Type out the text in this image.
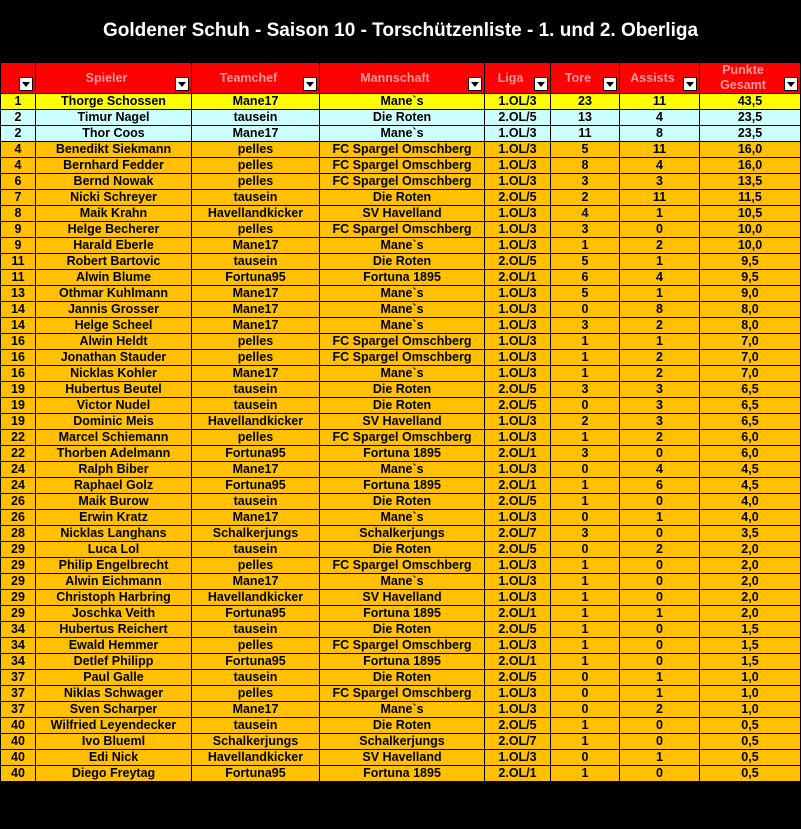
Goldener Schuh - Saison 10 - Torschützenliste - 1. und 2. Oberliga

	Spieler	Teamchef	Mannschaft	Liga	Tore	Assists	Punkte
Gesamt

1	Thorge Schossen	Mane17	Mane`s	1.OL/3	23	11	43,5
2	Timur Nagel	tausein	Die Roten	2.OL/5	13	4	23,5
2	Thor Coos	Mane17	Mane`s	1.OL/3	11	8	23,5
4	Benedikt Siekmann	pelles	FC Spargel Omschberg	1.OL/3	5	11	16,0
4	Bernhard Fedder	pelles	FC Spargel Omschberg	1.OL/3	8	4	16,0
6	Bernd Nowak	pelles	FC Spargel Omschberg	1.OL/3	3	3	13,5
7	Nicki Schreyer	tausein	Die Roten	2.OL/5	2	11	11,5
8	Maik Krahn	Havellandkicker	SV Havelland	1.OL/3	4	1	10,5
9	Helge Becherer	pelles	FC Spargel Omschberg	1.OL/3	3	0	10,0
9	Harald Eberle	Mane17	Mane`s	1.OL/3	1	2	10,0
11	Robert Bartovic	tausein	Die Roten	2.OL/5	5	1	9,5
11	Alwin Blume	Fortuna95	Fortuna 1895	2.OL/1	6	4	9,5
13	Othmar Kuhlmann	Mane17	Mane`s	1.OL/3	5	1	9,0
14	Jannis Grosser	Mane17	Mane`s	1.OL/3	0	8	8,0
14	Helge Scheel	Mane17	Mane`s	1.OL/3	3	2	8,0
16	Alwin Heldt	pelles	FC Spargel Omschberg	1.OL/3	1	1	7,0
16	Jonathan Stauder	pelles	FC Spargel Omschberg	1.OL/3	1	2	7,0
16	Nicklas Kohler	Mane17	Mane`s	1.OL/3	1	2	7,0
19	Hubertus Beutel	tausein	Die Roten	2.OL/5	3	3	6,5
19	Victor Nudel	tausein	Die Roten	2.OL/5	0	3	6,5
19	Dominic Meis	Havellandkicker	SV Havelland	1.OL/3	2	3	6,5
22	Marcel Schiemann	pelles	FC Spargel Omschberg	1.OL/3	1	2	6,0
22	Thorben Adelmann	Fortuna95	Fortuna 1895	2.OL/1	3	0	6,0
24	Ralph Biber	Mane17	Mane`s	1.OL/3	0	4	4,5
24	Raphael Golz	Fortuna95	Fortuna 1895	2.OL/1	1	6	4,5
26	Maik Burow	tausein	Die Roten	2.OL/5	1	0	4,0
26	Erwin Kratz	Mane17	Mane`s	1.OL/3	0	1	4,0
28	Nicklas Langhans	Schalkerjungs	Schalkerjungs	2.OL/7	3	0	3,5
29	Luca Lol	tausein	Die Roten	2.OL/5	0	2	2,0
29	Philip Engelbrecht	pelles	FC Spargel Omschberg	1.OL/3	1	0	2,0
29	Alwin Eichmann	Mane17	Mane`s	1.OL/3	1	0	2,0
29	Christoph Harbring	Havellandkicker	SV Havelland	1.OL/3	1	0	2,0
29	Joschka Veith	Fortuna95	Fortuna 1895	2.OL/1	1	1	2,0
34	Hubertus Reichert	tausein	Die Roten	2.OL/5	1	0	1,5
34	Ewald Hemmer	pelles	FC Spargel Omschberg	1.OL/3	1	0	1,5
34	Detlef Philipp	Fortuna95	Fortuna 1895	2.OL/1	1	0	1,5
37	Paul Galle	tausein	Die Roten	2.OL/5	0	1	1,0
37	Niklas Schwager	pelles	FC Spargel Omschberg	1.OL/3	0	1	1,0
37	Sven Scharper	Mane17	Mane`s	1.OL/3	0	2	1,0
40	Wilfried Leyendecker	tausein	Die Roten	2.OL/5	1	0	0,5
40	Ivo Blueml	Schalkerjungs	Schalkerjungs	2.OL/7	1	0	0,5
40	Edi Nick	Havellandkicker	SV Havelland	1.OL/3	0	1	0,5
40	Diego Freytag	Fortuna95	Fortuna 1895	2.OL/1	1	0	0,5
